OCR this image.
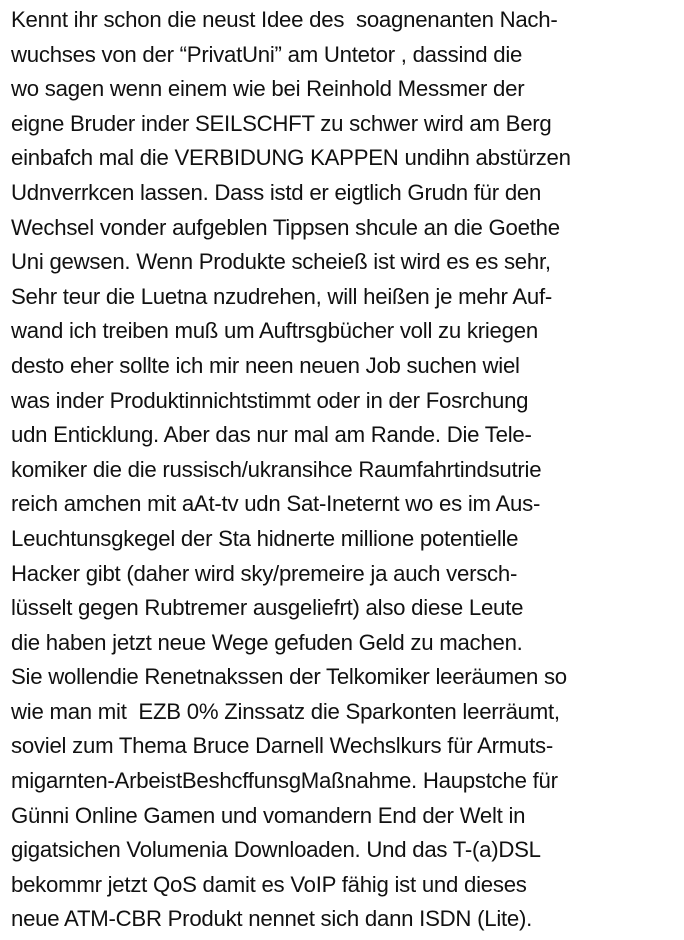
Kennt ihr schon die neust Idee des  soagnenanten Nach-
wuchses von der “PrivatUni” am Untetor , dassind die
wo sagen wenn einem wie bei Reinhold Messmer der
eigne Bruder inder SEILSCHFT zu schwer wird am Berg
einbafch mal die VERBIDUNG KAPPEN undihn abstürzen
Udnverrkcen lassen. Dass istd er eigtlich Grudn für den
Wechsel vonder aufgeblen Tippsen shcule an die Goethe
Uni gewsen. Wenn Produkte scheieß ist wird es es sehr,
Sehr teur die Luetna nzudrehen, will heißen je mehr Auf-
wand ich treiben muß um Auftrsgbücher voll zu kriegen
desto eher sollte ich mir neen neuen Job suchen wiel
was inder Produktinnichtstimmt oder in der Fosrchung
udn Enticklung. Aber das nur mal am Rande. Die Tele-
komiker die die russisch/ukransihce Raumfahrtindsutrie
reich amchen mit aAt-tv udn Sat-Ineternt wo es im Aus-
Leuchtunsgkegel der Sta hidnerte millione potentielle
Hacker gibt (daher wird sky/premeire ja auch versch-
lüsselt gegen Rubtremer ausgeliefrt) also diese Leute
die haben jetzt neue Wege gefuden Geld zu machen.
Sie wollendie Renetnakssen der Telkomiker leeräumen so
wie man mit  EZB 0% Zinssatz die Sparkonten leerräumt,
soviel zum Thema Bruce Darnell Wechslkurs für Armuts-
migarnten-ArbeistBeshcffunsgMaßnahme. Haupstche für
Günni Online Gamen und vomandern End der Welt in
gigatsichen Volumenia Downloaden. Und das T-(a)DSL
bekommr jetzt QoS damit es VoIP fähig ist und dieses
neue ATM-CBR Produkt nennet sich dann ISDN (Lite).
